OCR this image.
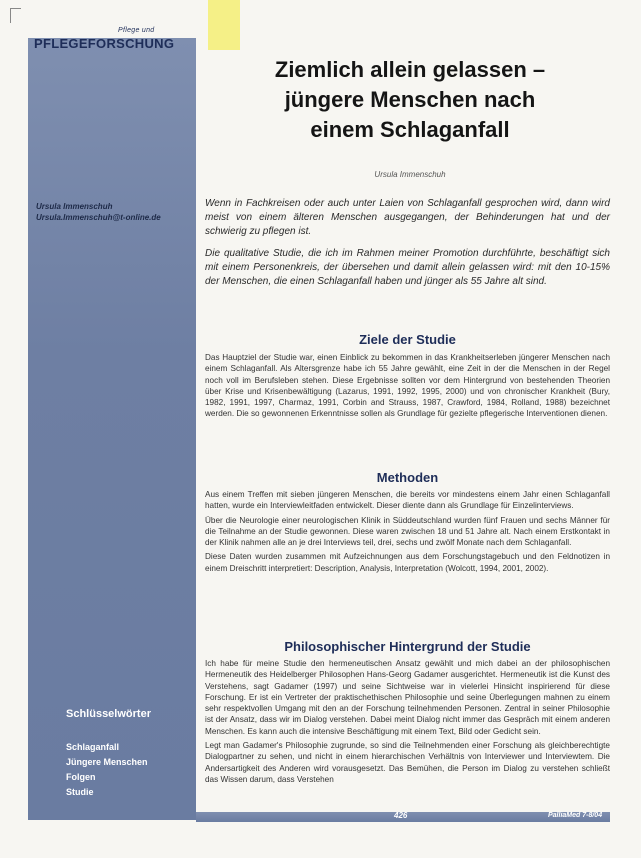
Pflege und
PFLEGEFORSCHUNG
Ziemlich allein gelassen –
jüngere Menschen nach
einem Schlaganfall
Ursula Immenschuh
Ursula Immenschuh
Ursula.Immenschuh@t-online.de

Wenn in Fachkreisen oder auch unter Laien von Schlaganfall gesprochen wird, dann wird meist von einem älteren Menschen ausgegangen, der Behinderungen hat und der schwierig zu pflegen ist.

Die qualitative Studie, die ich im Rahmen meiner Promotion durchführte, beschäftigt sich mit einem Personenkreis, der übersehen und damit allein gelassen wird: mit den 10-15% der Menschen, die einen Schlaganfall haben und jünger als 55 Jahre alt sind.

Ziele der Studie

Das Hauptziel der Studie war, einen Einblick zu bekommen in das Krankheitserleben jüngerer Menschen nach einem Schlaganfall. Als Altersgrenze habe ich 55 Jahre gewählt, eine Zeit in der die Menschen in der Regel noch voll im Berufsleben stehen. Diese Ergebnisse sollten vor dem Hintergrund von bestehenden Theorien über Krise und Krisenbewältigung (Lazarus, 1991, 1992, 1995, 2000) und von chronischer Krankheit (Bury, 1982, 1991, 1997, Charmaz, 1991, Corbin and Strauss, 1987, Crawford, 1984, Rolland, 1988) bezeichnet werden. Die so gewonnenen Erkenntnisse sollen als Grundlage für gezielte pflegerische Interventionen dienen.

Methoden

Aus einem Treffen mit sieben jüngeren Menschen, die bereits vor mindestens einem Jahr einen Schlaganfall hatten, wurde ein Interviewleitfaden entwickelt. Dieser diente dann als Grundlage für Einzelinterviews.

Über die Neurologie einer neurologischen Klinik in Süddeutschland wurden fünf Frauen und sechs Männer für die Teilnahme an der Studie gewonnen. Diese waren zwischen 18 und 51 Jahre alt. Nach einem Erstkontakt in der Klinik nahmen alle an je drei Interviews teil, drei, sechs und zwölf Monate nach dem Schlaganfall.

Diese Daten wurden zusammen mit Aufzeichnungen aus dem Forschungstagebuch und den Feldnotizen in einem Dreischritt interpretiert: Description, Analysis, Interpretation (Wolcott, 1994, 2001, 2002).

Philosophischer Hintergrund der Studie

Ich habe für meine Studie den hermeneutischen Ansatz gewählt und mich dabei an der philosophischen Hermeneutik des Heidelberger Philosophen Hans-Georg Gadamer ausgerichtet. Hermeneutik ist die Kunst des Verstehens, sagt Gadamer (1997) und seine Sichtweise war in vielerlei Hinsicht inspirierend für diese Forschung. Er ist ein Vertreter der praktischethischen Philosophie und seine Überlegungen mahnen zu einem sehr respektvollen Umgang mit den an der Forschung teilnehmenden Personen. Zentral in seiner Philosophie ist der Ansatz, dass wir im Dialog verstehen. Dabei meint Dialog nicht immer das Gespräch mit einem anderen Menschen. Es kann auch die intensive Beschäftigung mit einem Text, Bild oder Gedicht sein.

Legt man Gadamer's Philosophie zugrunde, so sind die Teilnehmenden einer Forschung als gleichberechtigte Dialogpartner zu sehen, und nicht in einem hierarchischen Verhältnis von Interviewer und Interviewtem. Die Andersartigkeit des Anderen wird vorausgesetzt. Das Bemühen, die Person im Dialog zu verstehen schließt das Wissen darum, dass Verstehen

Schlüsselwörter
Schlaganfall
Jüngere Menschen
Folgen
Studie
426	PalliaMed 7-8/04
